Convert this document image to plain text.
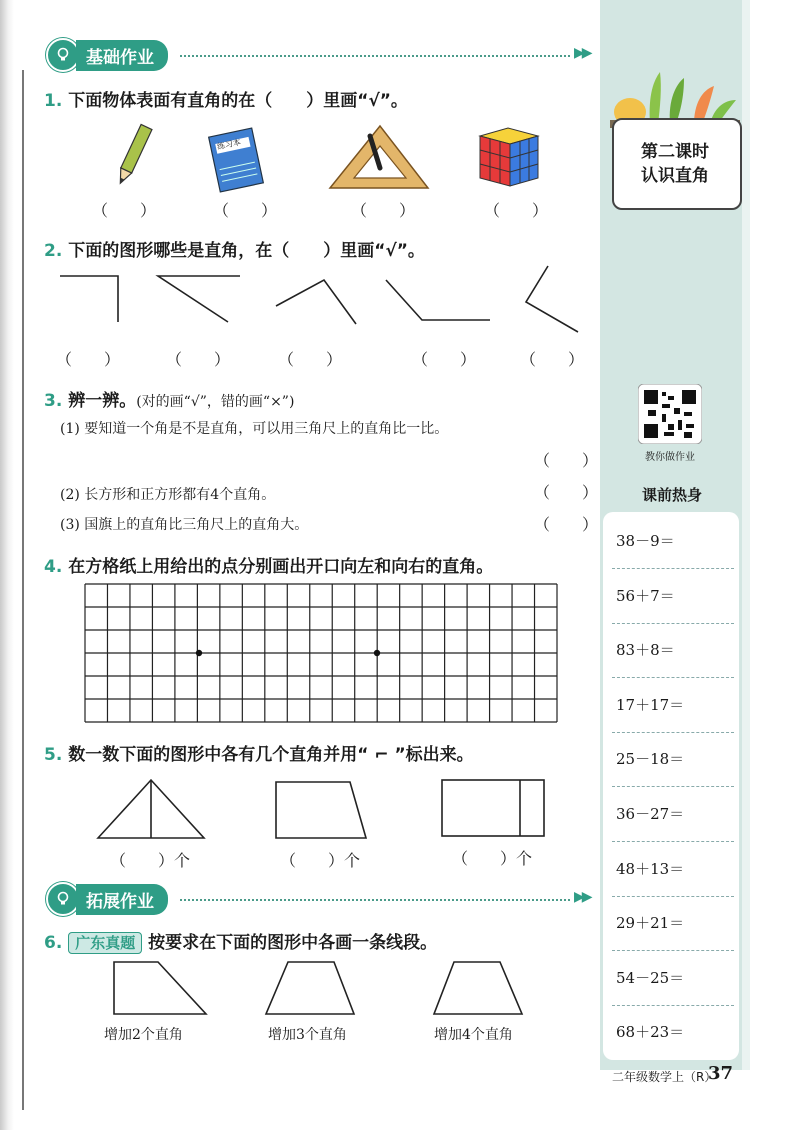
基础作业	▶▶
1. 下面物体表面有直角的在（　　）里画“√”。
练习本
（　　）	（　　）	（　　）	（　　）
2. 下面的图形哪些是直角，在（　　）里画“√”。
（　　）	（　　）	（　　）	（　　）	（　　）
3. 辨一辨。(对的画“√”，错的画“×”)
(1) 要知道一个角是不是直角，可以用三角尺上的直角比一比。
（　　）
(2) 长方形和正方形都有4个直角。	（　　）
(3) 国旗上的直角比三角尺上的直角大。	（　　）
4. 在方格纸上用给出的点分别画出开口向左和向右的直角。
5. 数一数下面的图形中各有几个直角并用“ ⌐ ”标出来。
（　　）个	（　　）个	（　　）个
拓展作业	▶▶
6. 广东真题 按要求在下面的图形中各画一条线段。
增加2个直角	增加3个直角	增加4个直角
第二课时
认识直角
教你做作业
课前热身
38－9＝
56＋7＝
83＋8＝
17＋17＝
25－18＝
36－27＝
48＋13＝
29＋21＝
54－25＝
68＋23＝
二年级数学上（R）
37
